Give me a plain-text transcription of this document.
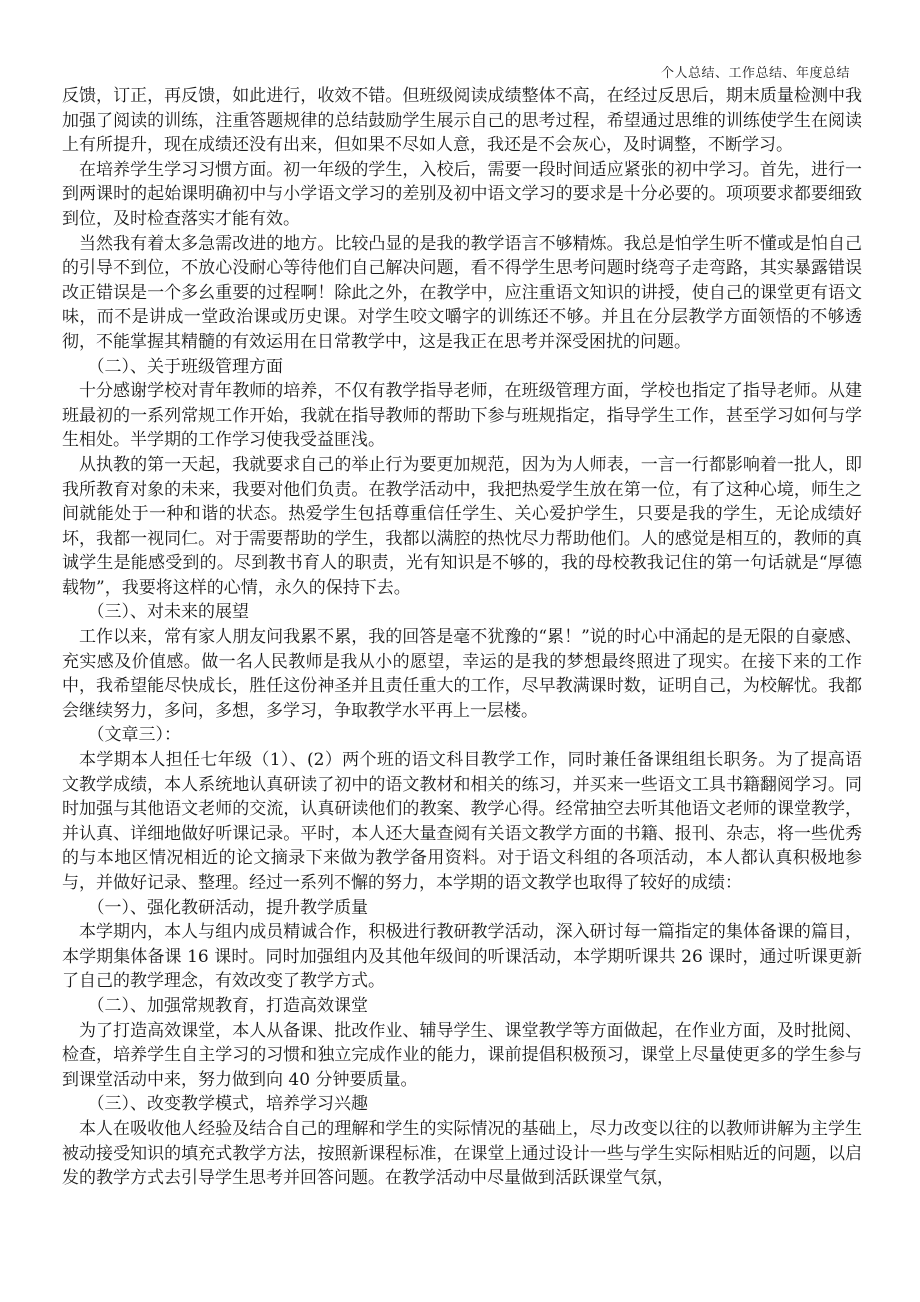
个人总结、工作总结、年度总结

反馈，订正，再反馈，如此进行，收效不错。但班级阅读成绩整体不高，在经过反思后，期末质量检测中我加强了阅读的训练，注重答题规律的总结鼓励学生展示自己的思考过程，希望通过思维的训练使学生在阅读上有所提升，现在成绩还没有出来，但如果不尽如人意，我还是不会灰心，及时调整，不断学习。

在培养学生学习习惯方面。初一年级的学生，入校后，需要一段时间适应紧张的初中学习。首先，进行一到两课时的起始课明确初中与小学语文学习的差别及初中语文学习的要求是十分必要的。项项要求都要细致到位，及时检查落实才能有效。

当然我有着太多急需改进的地方。比较凸显的是我的教学语言不够精炼。我总是怕学生听不懂或是怕自己的引导不到位，不放心没耐心等待他们自己解决问题，看不得学生思考问题时绕弯子走弯路，其实暴露错误改正错误是一个多幺重要的过程啊！除此之外，在教学中，应注重语文知识的讲授，使自己的课堂更有语文味，而不是讲成一堂政治课或历史课。对学生咬文嚼字的训练还不够。并且在分层教学方面领悟的不够透彻，不能掌握其精髓的有效运用在日常教学中，这是我正在思考并深受困扰的问题。

（二）、关于班级管理方面

十分感谢学校对青年教师的培养，不仅有教学指导老师，在班级管理方面，学校也指定了指导老师。从建班最初的一系列常规工作开始，我就在指导教师的帮助下参与班规指定，指导学生工作，甚至学习如何与学生相处。半学期的工作学习使我受益匪浅。

从执教的第一天起，我就要求自己的举止行为要更加规范，因为为人师表，一言一行都影响着一批人，即我所教育对象的未来，我要对他们负责。在教学活动中，我把热爱学生放在第一位，有了这种心境，师生之间就能处于一种和谐的状态。热爱学生包括尊重信任学生、关心爱护学生，只要是我的学生，无论成绩好坏，我都一视同仁。对于需要帮助的学生，我都以满腔的热忱尽力帮助他们。人的感觉是相互的，教师的真诚学生是能感受到的。尽到教书育人的职责，光有知识是不够的，我的母校教我记住的第一句话就是“厚德载物”，我要将这样的心情，永久的保持下去。

（三）、对未来的展望

工作以来，常有家人朋友问我累不累，我的回答是毫不犹豫的“累！”说的时心中涌起的是无限的自豪感、充实感及价值感。做一名人民教师是我从小的愿望，幸运的是我的梦想最终照进了现实。在接下来的工作中，我希望能尽快成长，胜任这份神圣并且责任重大的工作，尽早教满课时数，证明自己，为校解忧。我都会继续努力，多问，多想，多学习，争取教学水平再上一层楼。

（文章三）：

本学期本人担任七年级（1）、(2）两个班的语文科目教学工作，同时兼任备课组组长职务。为了提高语文教学成绩，本人系统地认真研读了初中的语文教材和相关的练习，并买来一些语文工具书籍翻阅学习。同时加强与其他语文老师的交流，认真研读他们的教案、教学心得。经常抽空去听其他语文老师的课堂教学，并认真、详细地做好听课记录。平时，本人还大量查阅有关语文教学方面的书籍、报刊、杂志，将一些优秀的与本地区情况相近的论文摘录下来做为教学备用资料。对于语文科组的各项活动，本人都认真积极地参与，并做好记录、整理。经过一系列不懈的努力，本学期的语文教学也取得了较好的成绩：

（一）、强化教研活动，提升教学质量

本学期内，本人与组内成员精诚合作，积极进行教研教学活动，深入研讨每一篇指定的集体备课的篇目，本学期集体备课 16 课时。同时加强组内及其他年级间的听课活动，本学期听课共 26 课时，通过听课更新了自己的教学理念，有效改变了教学方式。

（二）、加强常规教育，打造高效课堂

为了打造高效课堂，本人从备课、批改作业、辅导学生、课堂教学等方面做起，在作业方面，及时批阅、检查，培养学生自主学习的习惯和独立完成作业的能力，课前提倡积极预习，课堂上尽量使更多的学生参与到课堂活动中来，努力做到向 40 分钟要质量。

（三）、改变教学模式，培养学习兴趣

本人在吸收他人经验及结合自己的理解和学生的实际情况的基础上，尽力改变以往的以教师讲解为主学生被动接受知识的填充式教学方法，按照新课程标准，在课堂上通过设计一些与学生实际相贴近的问题，以启发的教学方式去引导学生思考并回答问题。在教学活动中尽量做到活跃课堂气氛，
